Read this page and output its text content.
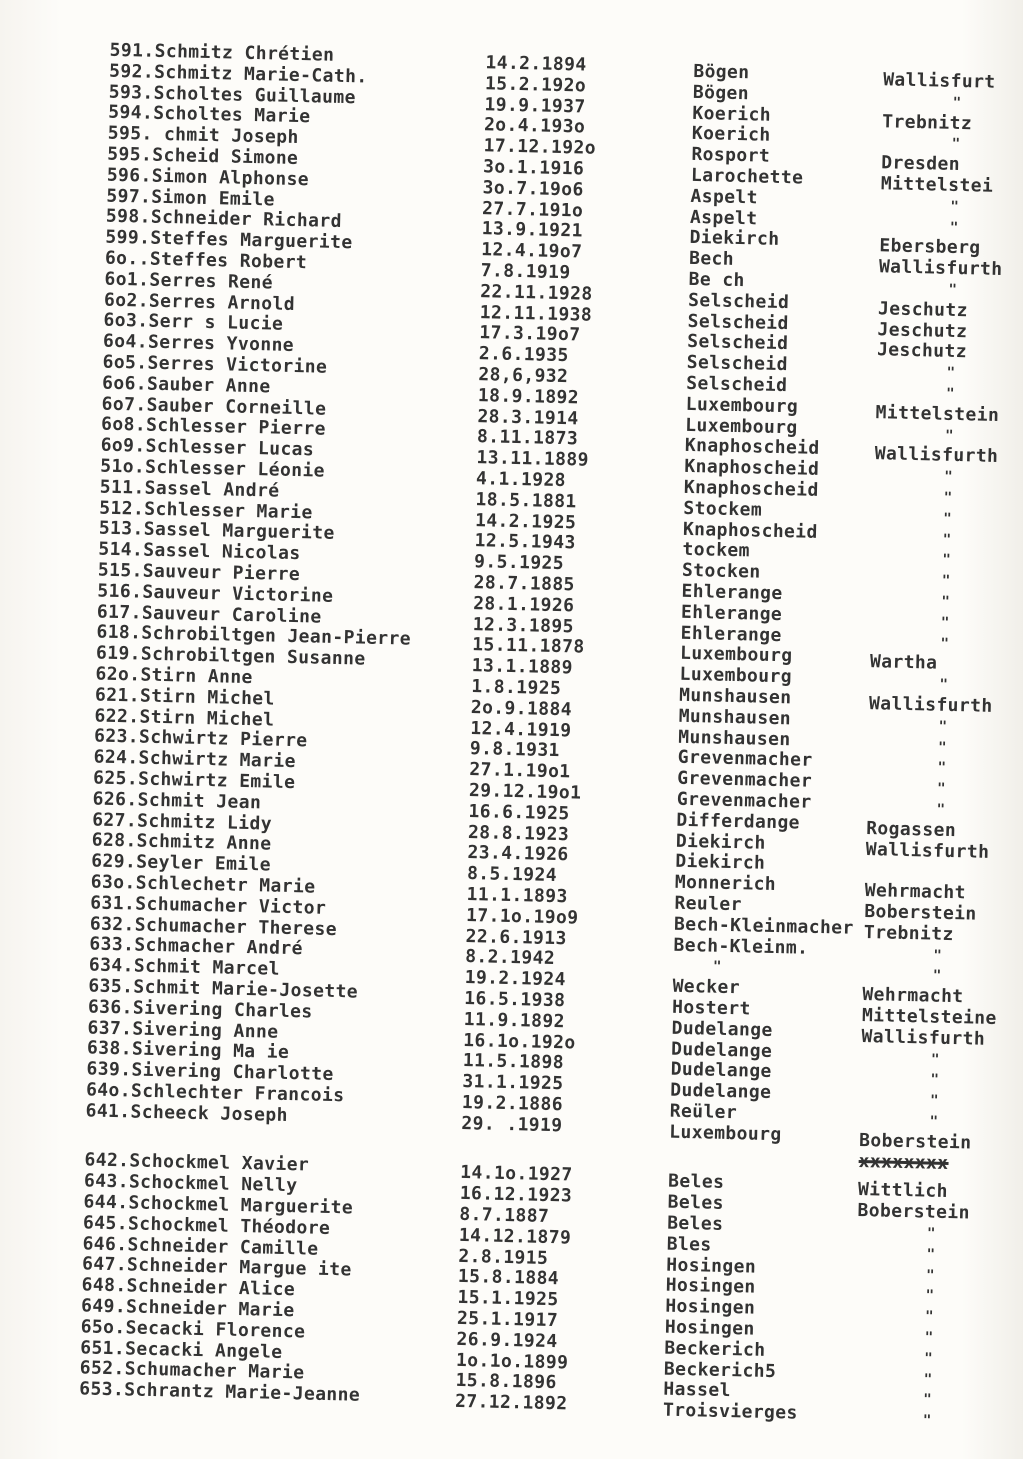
591.Schmitz Chrétien
592.Schmitz Marie-Cath.
593.Scholtes Guillaume
594.Scholtes Marie
595. chmit Joseph
595.Scheid Simone
596.Simon Alphonse
597.Simon Emile
598.Schneider Richard
599.Steffes Marguerite
6o..Steffes Robert
6o1.Serres René
6o2.Serres Arnold
6o3.Serr s Lucie
6o4.Serres Yvonne
6o5.Serres Victorine
6o6.Sauber Anne
6o7.Sauber Corneille
6o8.Schlesser Pierre
6o9.Schlesser Lucas
51o.Schlesser Léonie
511.Sassel André
512.Schlesser Marie
513.Sassel Marguerite
514.Sassel Nicolas
515.Sauveur Pierre
516.Sauveur Victorine
617.Sauveur Caroline
618.Schrobiltgen Jean-Pierre
619.Schrobiltgen Susanne
62o.Stirn Anne
621.Stirn Michel
622.Stirn Michel
623.Schwirtz Pierre
624.Schwirtz Marie
625.Schwirtz Emile
626.Schmit Jean
627.Schmitz Lidy
628.Schmitz Anne
629.Seyler Emile
63o.Schlechetr Marie
631.Schumacher Victor
632.Schumacher Therese
633.Schmacher André
634.Schmit Marcel
635.Schmit Marie-Josette
636.Sivering Charles
637.Sivering Anne
638.Sivering Ma ie
639.Sivering Charlotte
64o.Schlechter Francois
641.Scheeck Joseph
642.Schockmel Xavier
643.Schockmel Nelly
644.Schockmel Marguerite
645.Schockmel Théodore
646.Schneider Camille
647.Schneider Margue ite
648.Schneider Alice
649.Schneider Marie
65o.Secacki Florence
651.Secacki Angele
652.Schumacher Marie
653.Schrantz Marie-Jeanne
14.2.1894
15.2.192o
19.9.1937
2o.4.193o
17.12.192o
3o.1.1916
3o.7.19o6
27.7.191o
13.9.1921
12.4.19o7
7.8.1919
22.11.1928
12.11.1938
17.3.19o7
2.6.1935
28,6,932
18.9.1892
28.3.1914
8.11.1873
13.11.1889
4.1.1928
18.5.1881
14.2.1925
12.5.1943
9.5.1925
28.7.1885
28.1.1926
12.3.1895
15.11.1878
13.1.1889
1.8.1925
2o.9.1884
12.4.1919
9.8.1931
27.1.19o1
29.12.19o1
16.6.1925
28.8.1923
23.4.1926
8.5.1924
11.1.1893
17.1o.19o9
22.6.1913
8.2.1942
19.2.1924
16.5.1938
11.9.1892
16.1o.192o
11.5.1898
31.1.1925
19.2.1886
29. .1919
14.1o.1927
16.12.1923
8.7.1887
14.12.1879
2.8.1915
15.8.1884
15.1.1925
25.1.1917
26.9.1924
1o.1o.1899
15.8.1896
27.12.1892
Bögen
Bögen
Koerich
Koerich
Rosport
Larochette
Aspelt
Aspelt
Diekirch
Bech
Be ch
Selscheid
Selscheid
Selscheid
Selscheid
Selscheid
Luxembourg
Luxembourg
Knaphoscheid
Knaphoscheid
Knaphoscheid
Stockem
Knaphoscheid
tockem
Stocken
Ehlerange
Ehlerange
Ehlerange
Luxembourg
Luxembourg
Munshausen
Munshausen
Munshausen
Grevenmacher
Grevenmacher
Grevenmacher
Differdange
Diekirch
Diekirch
Monnerich
Reuler
Bech-Kleinmacher
Bech-Kleinm.
"
Wecker
Hostert
Dudelange
Dudelange
Dudelange
Dudelange
Reüler
Luxembourg
Beles
Beles
Beles
Bles
Hosingen
Hosingen
Hosingen
Hosingen
Beckerich
Beckerich5
Hassel
Troisvierges
Wallisfurt
"
Trebnitz
"
Dresden
Mittelstei
"
"
Ebersberg
Wallisfurth
"
Jeschutz
Jeschutz
Jeschutz
"
"
Mittelstein
"
Wallisfurth
"
"
"
"
"
"
"
"
"
Wartha
"
Wallisfurth
"
"
"
"
"
Rogassen
Wallisfurth
Wehrmacht
Boberstein
Trebnitz
"
"
Wehrmacht
Mittelsteine
Wallisfurth
"
"
"
"
Boberstein
xxxxxxxx
Wittlich
Boberstein
"
"
"
"
"
"
"
"
"
"
